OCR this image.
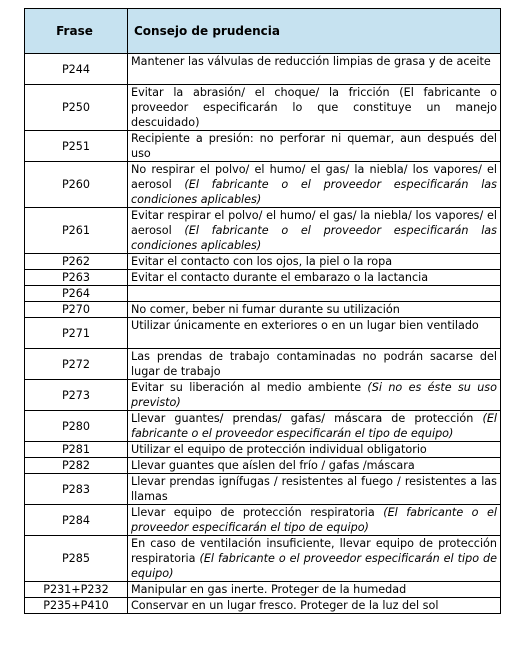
Frase	Consejo de prudencia
P244	Mantener las válvulas de reducción limpias de grasa y de aceite
P250	Evitar la abrasión/ el choque/ la fricción (El fabricante o proveedor especificarán lo que constituye un manejo descuidado)
P251	Recipiente a presión: no perforar ni quemar, aun después del uso
P260	No respirar el polvo/ el humo/ el gas/ la niebla/ los vapores/ el aerosol (El fabricante o el proveedor especificarán las condiciones aplicables)
P261	Evitar respirar el polvo/ el humo/ el gas/ la niebla/ los vapores/ el aerosol (El fabricante o el proveedor especificarán las condiciones aplicables)
P262	Evitar el contacto con los ojos, la piel o la ropa
P263	Evitar el contacto durante el embarazo o la lactancia
P264	
P270	No comer, beber ni fumar durante su utilización
P271	Utilizar únicamente en exteriores o en un lugar bien ventilado
P272	Las prendas de trabajo contaminadas no podrán sacarse del lugar de trabajo
P273	Evitar su liberación al medio ambiente (Si no es éste su uso previsto)
P280	Llevar guantes/ prendas/ gafas/ máscara de protección (El fabricante o el proveedor especificarán el tipo de equipo)
P281	Utilizar el equipo de protección individual obligatorio
P282	Llevar guantes que aíslen del frío / gafas /máscara
P283	Llevar prendas ignífugas / resistentes al fuego / resistentes a las llamas
P284	Llevar equipo de protección respiratoria (El fabricante o el proveedor especificarán el tipo de equipo)
P285	En caso de ventilación insuficiente, llevar equipo de protección respiratoria (El fabricante o el proveedor especificarán el tipo de equipo)
P231+P232	Manipular en gas inerte. Proteger de la humedad
P235+P410	Conservar en un lugar fresco. Proteger de la luz del sol
